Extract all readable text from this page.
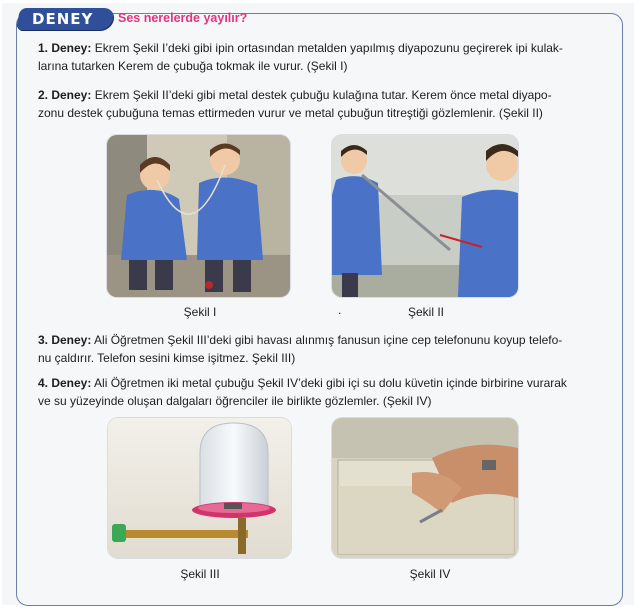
DENEY Ses nerelerde yayılır?

1. Deney: Ekrem Şekil I’deki gibi ipin ortasından metalden yapılmış diyapozunu geçirerek ipi kulak-
larına tutarken Kerem de çubuğa tokmak ile vurur. (Şekil I)

2. Deney: Ekrem Şekil II’deki gibi metal destek çubuğu kulağına tutar. Kerem önce metal diyapo-
zonu destek çubuğuna temas ettirmeden vurur ve metal çubuğun titreştiği gözlemlenir. (Şekil II)

Şekil I	.	Şekil II

3. Deney: Ali Öğretmen Şekil III’deki gibi havası alınmış fanusun içine cep telefonunu koyup telefo-
nu çaldırır. Telefon sesini kimse işitmez. Şekil III)

4. Deney: Ali Öğretmen iki metal çubuğu Şekil IV’deki gibi içi su dolu küvetin içinde birbirine vurarak
ve su yüzeyinde oluşan dalgaları öğrenciler ile birlikte gözlemler. (Şekil IV)

Şekil III	Şekil IV
